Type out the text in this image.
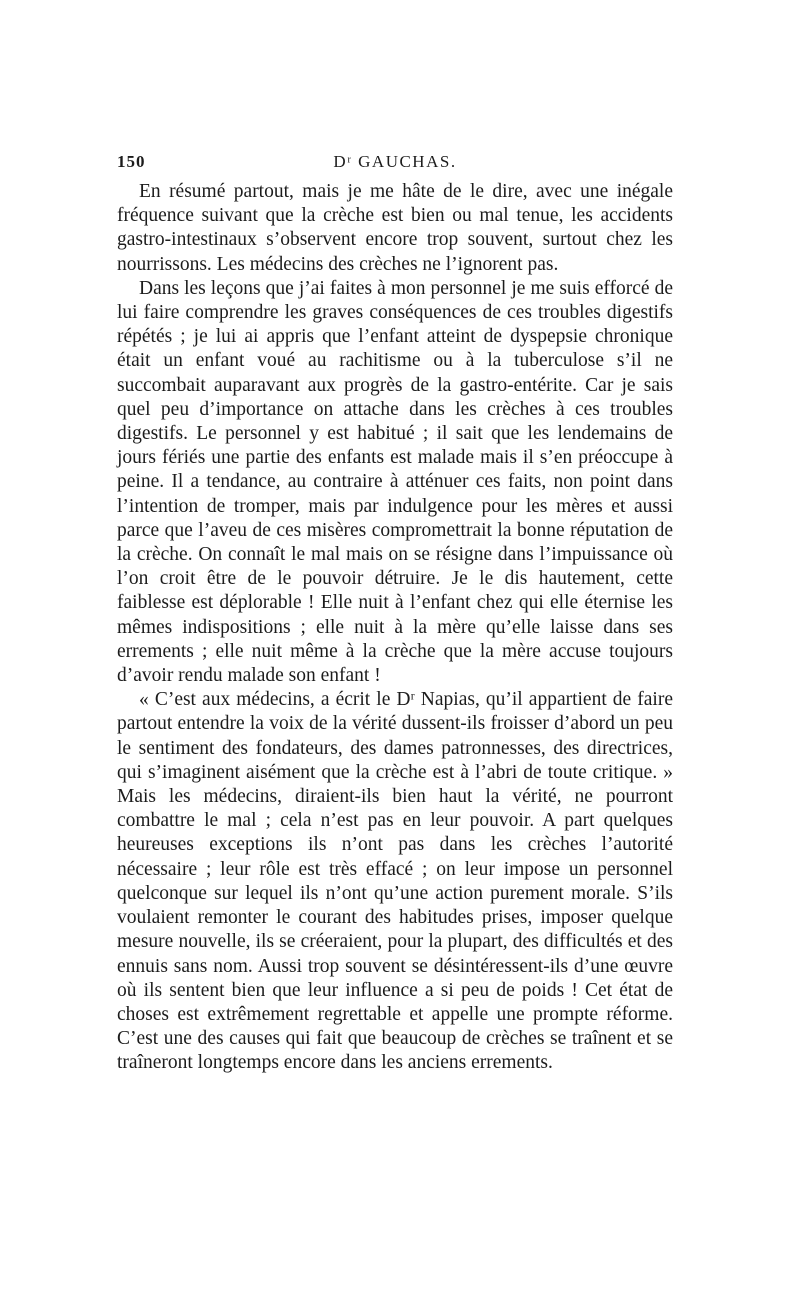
150	Dʳ GAUCHAS.

En résumé partout, mais je me hâte de le dire, avec une inégale fréquence suivant que la crèche est bien ou mal tenue, les accidents gastro-intestinaux s’observent encore trop souvent, surtout chez les nourrissons. Les médecins des crèches ne l’ignorent pas.

Dans les leçons que j’ai faites à mon personnel je me suis efforcé de lui faire comprendre les graves conséquences de ces troubles digestifs répétés ; je lui ai appris que l’enfant atteint de dyspepsie chronique était un enfant voué au rachitisme ou à la tuberculose s’il ne succombait auparavant aux progrès de la gastro-entérite. Car je sais quel peu d’importance on attache dans les crèches à ces troubles digestifs. Le personnel y est habitué ; il sait que les lendemains de jours fériés une partie des enfants est malade mais il s’en préoccupe à peine. Il a tendance, au contraire à atténuer ces faits, non point dans l’intention de tromper, mais par indulgence pour les mères et aussi parce que l’aveu de ces misères compromettrait la bonne réputation de la crèche. On connaît le mal mais on se résigne dans l’impuissance où l’on croit être de le pouvoir détruire. Je le dis hautement, cette faiblesse est déplorable ! Elle nuit à l’enfant chez qui elle éternise les mêmes indispositions ; elle nuit à la mère qu’elle laisse dans ses errements ; elle nuit même à la crèche que la mère accuse toujours d’avoir rendu malade son enfant !

« C’est aux médecins, a écrit le Dʳ Napias, qu’il appartient de faire partout entendre la voix de la vérité dussent-ils froisser d’abord un peu le sentiment des fondateurs, des dames patronnesses, des directrices, qui s’imaginent aisément que la crèche est à l’abri de toute critique. » Mais les médecins, diraient-ils bien haut la vérité, ne pourront combattre le mal ; cela n’est pas en leur pouvoir. A part quelques heureuses exceptions ils n’ont pas dans les crèches l’autorité nécessaire ; leur rôle est très effacé ; on leur impose un personnel quelconque sur lequel ils n’ont qu’une action purement morale. S’ils voulaient remonter le courant des habitudes prises, imposer quelque mesure nouvelle, ils se créeraient, pour la plupart, des difficultés et des ennuis sans nom. Aussi trop souvent se désintéressent-ils d’une œuvre où ils sentent bien que leur influence a si peu de poids ! Cet état de choses est extrêmement regrettable et appelle une prompte réforme. C’est une des causes qui fait que beaucoup de crèches se traînent et se traîneront longtemps encore dans les anciens errements.
